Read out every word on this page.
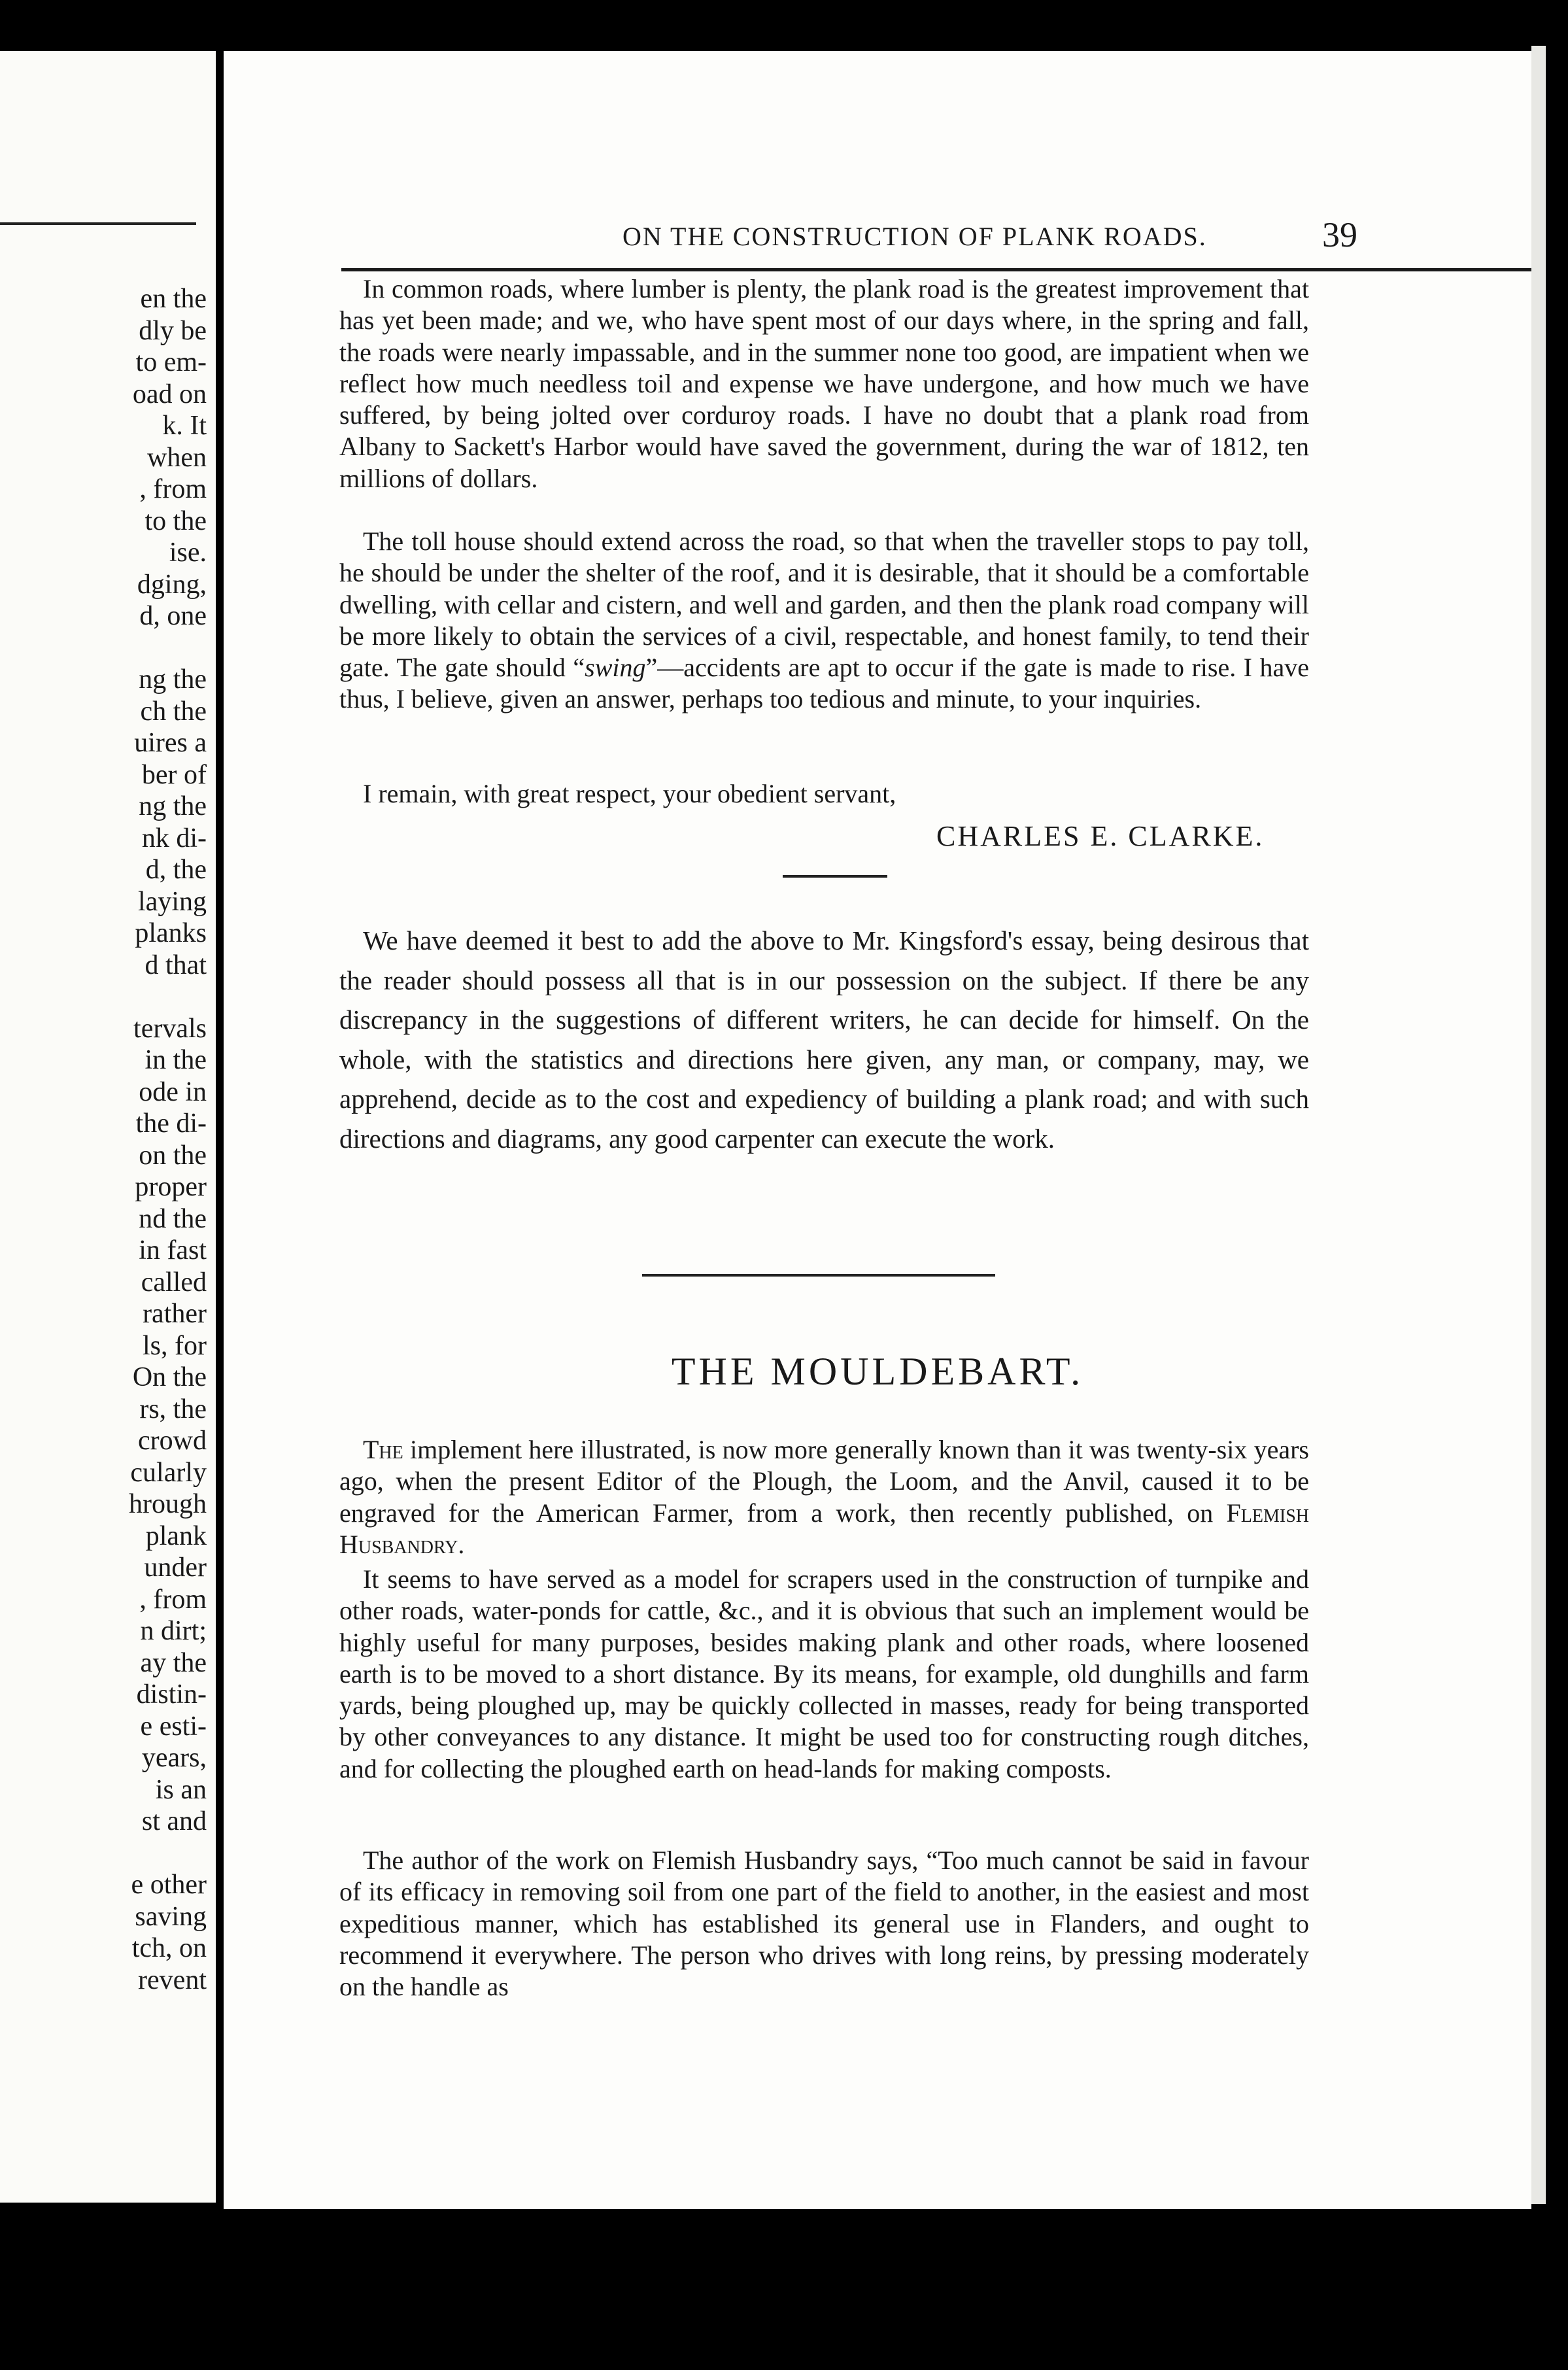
en the
dly be
to em-
oad on
k. It
when
, from
to the
ise.
dging,
d, one
ng the
ch the
uires a
ber of
ng the
nk di-
d, the
laying
planks
d that
tervals
in the
ode in
the di-
on the
proper
nd the
in fast
called
rather
ls, for
On the
rs, the
crowd
cularly
hrough
plank
under
, from
n dirt;
ay the
distin-
e esti-
years,
is an
st and
e other
saving
tch, on
revent
ON THE CONSTRUCTION OF PLANK ROADS.	39

In common roads, where lumber is plenty, the plank road is the greatest improvement that has yet been made; and we, who have spent most of our days where, in the spring and fall, the roads were nearly impassable, and in the summer none too good, are impatient when we reflect how much needless toil and expense we have undergone, and how much we have suffered, by being jolted over corduroy roads. I have no doubt that a plank road from Albany to Sackett's Harbor would have saved the government, during the war of 1812, ten millions of dollars.

The toll house should extend across the road, so that when the traveller stops to pay toll, he should be under the shelter of the roof, and it is desirable, that it should be a comfortable dwelling, with cellar and cistern, and well and garden, and then the plank road company will be more likely to obtain the services of a civil, respectable, and honest family, to tend their gate. The gate should “swing”—accidents are apt to occur if the gate is made to rise. I have thus, I believe, given an answer, perhaps too tedious and minute, to your inquiries.

I remain, with great respect, your obedient servant,

CHARLES E. CLARKE.

We have deemed it best to add the above to Mr. Kingsford's essay, being desirous that the reader should possess all that is in our possession on the subject. If there be any discrepancy in the suggestions of different writers, he can decide for himself. On the whole, with the statistics and directions here given, any man, or company, may, we apprehend, decide as to the cost and expediency of building a plank road; and with such directions and diagrams, any good carpenter can execute the work.

THE MOULDEBART.

The implement here illustrated, is now more generally known than it was twenty-six years ago, when the present Editor of the Plough, the Loom, and the Anvil, caused it to be engraved for the American Farmer, from a work, then recently published, on Flemish Husbandry.

It seems to have served as a model for scrapers used in the construction of turnpike and other roads, water-ponds for cattle, &c., and it is obvious that such an implement would be highly useful for many purposes, besides making plank and other roads, where loosened earth is to be moved to a short distance. By its means, for example, old dunghills and farm yards, being ploughed up, may be quickly collected in masses, ready for being transported by other conveyances to any distance. It might be used too for constructing rough ditches, and for collecting the ploughed earth on head-lands for making composts.

The author of the work on Flemish Husbandry says, “Too much cannot be said in favour of its efficacy in removing soil from one part of the field to another, in the easiest and most expeditious manner, which has established its general use in Flanders, and ought to recommend it everywhere. The person who drives with long reins, by pressing moderately on the handle as
